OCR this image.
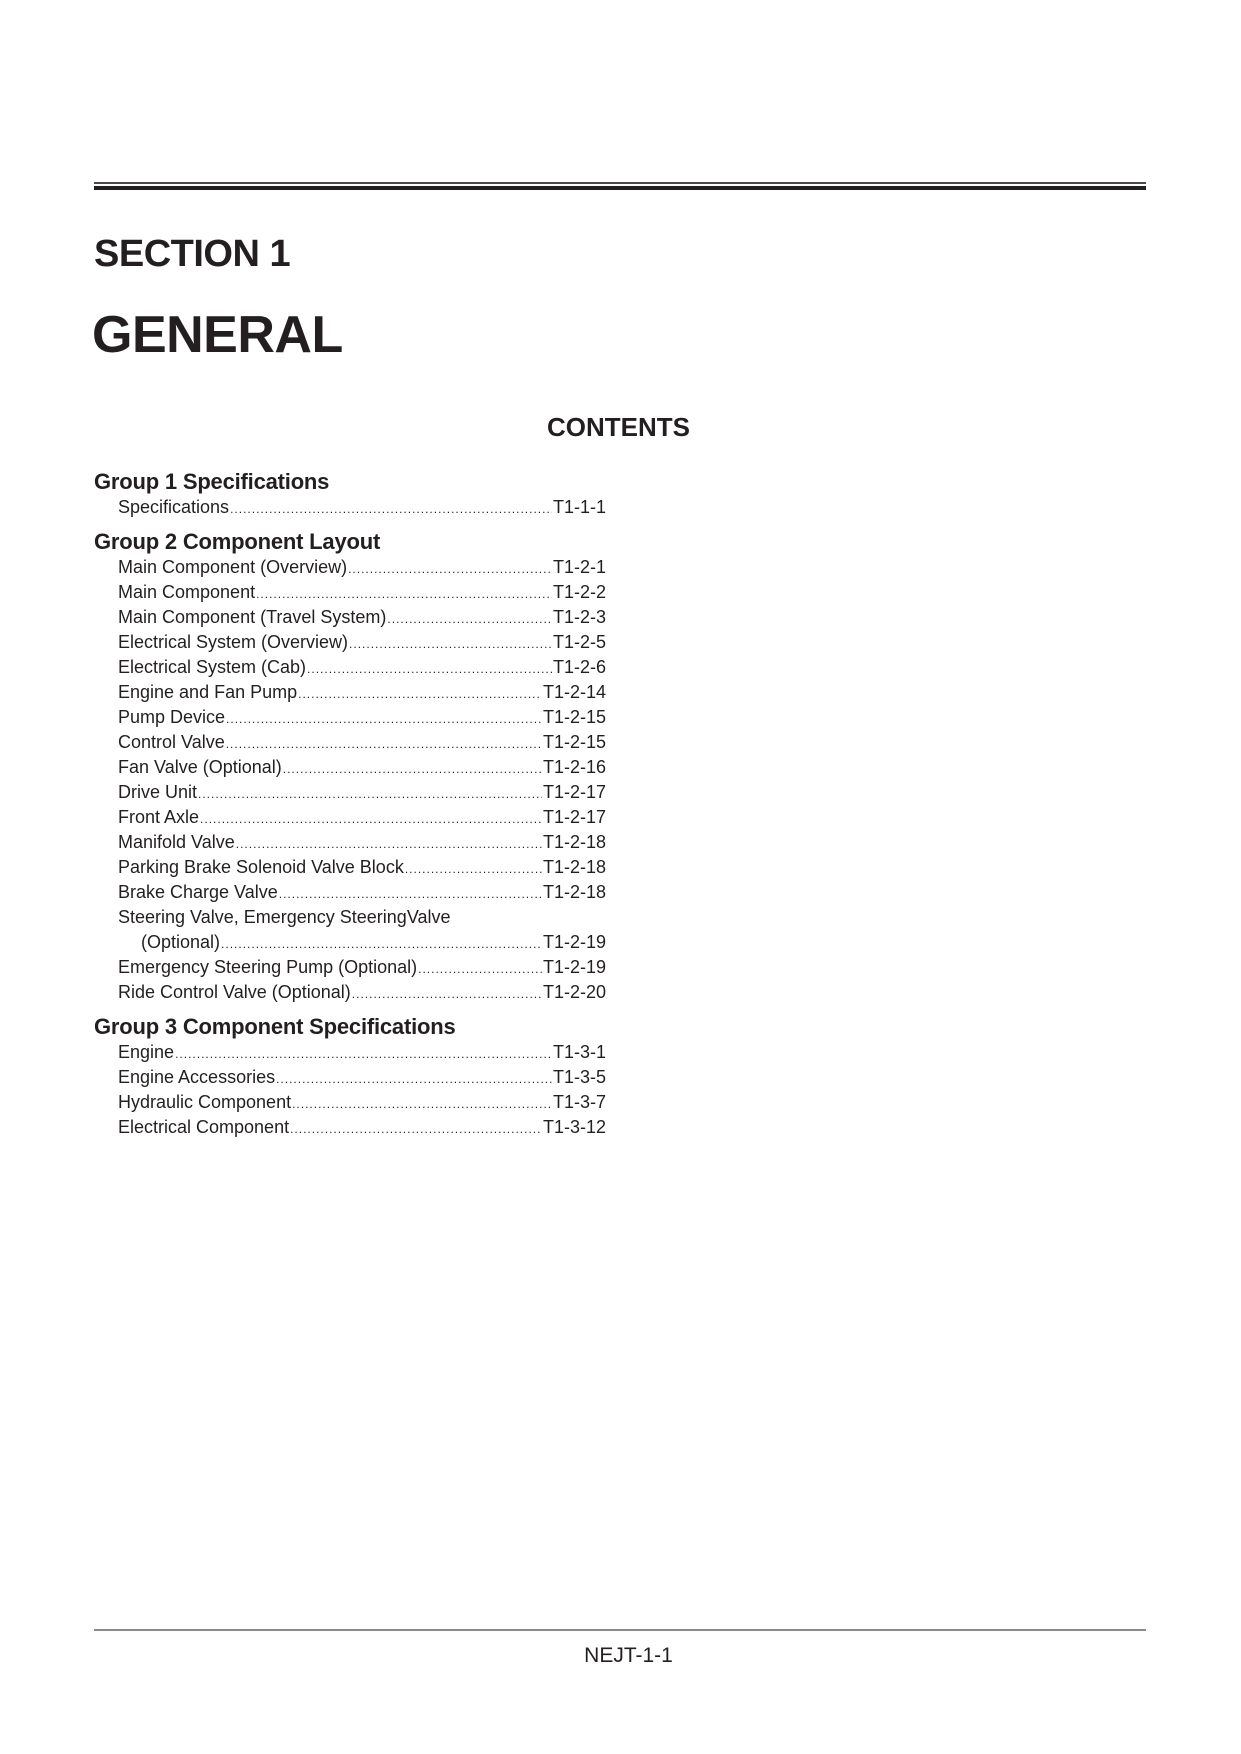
SECTION 1
GENERAL
CONTENTS
Group 1 Specifications
Specifications .....	T1-1-1
Group 2 Component Layout
Main Component (Overview) .....	T1-2-1
Main Component .....	T1-2-2
Main Component (Travel System) .....	T1-2-3
Electrical System (Overview) .....	T1-2-5
Electrical System (Cab) .....	T1-2-6
Engine and Fan Pump .....	T1-2-14
Pump Device .....	T1-2-15
Control Valve .....	T1-2-15
Fan Valve (Optional) .....	T1-2-16
Drive Unit .....	T1-2-17
Front Axle .....	T1-2-17
Manifold Valve .....	T1-2-18
Parking Brake Solenoid Valve Block .....	T1-2-18
Brake Charge Valve .....	T1-2-18
Steering Valve, Emergency SteeringValve
(Optional) .....	T1-2-19
Emergency Steering Pump (Optional) .....	T1-2-19
Ride Control Valve (Optional) .....	T1-2-20
Group 3 Component Specifications
Engine .....	T1-3-1
Engine Accessories .....	T1-3-5
Hydraulic Component .....	T1-3-7
Electrical Component .....	T1-3-12
NEJT-1-1
